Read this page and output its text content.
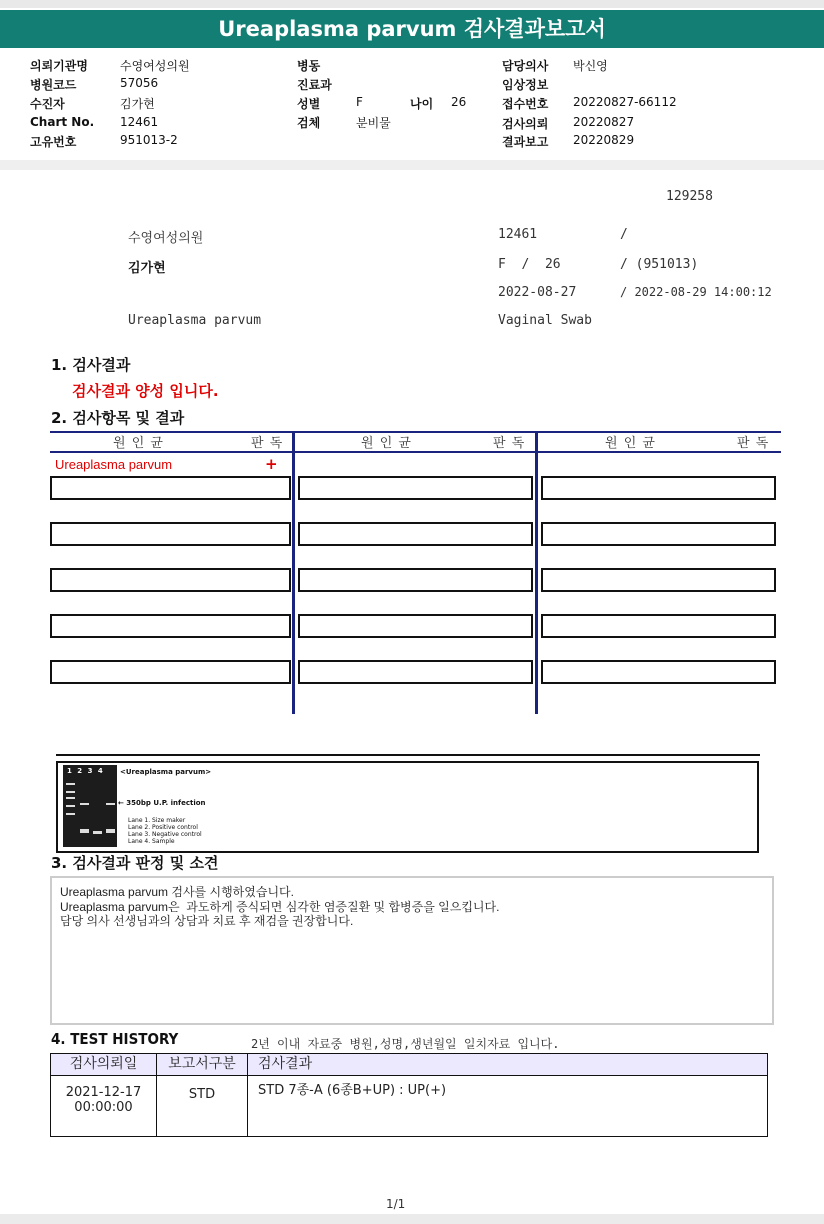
Ureaplasma parvum 검사결과보고서
의뢰기관명	수영여성의원
병원코드	57056
수진자	김가현
Chart No. 12461
고유번호	951013-2
병동
진료과
성별	F	나이 26
검체	분비물
담당의사 박신영
임상정보
접수번호 20220827-66112
검사의뢰 20220827
결과보고 20220829
129258
수영여성의원	12461	/
김가현	F  /  26	/ (951013)
2022-08-27	/ 2022-08-29 14:00:12
Ureaplasma parvum	Vaginal Swab
1. 검사결과
검사결과 양성 입니다.
2. 검사항목 및 결과
원 인 균	판 독	원 인 균	판 독	원 인 균	판 독
Ureaplasma parvum	+
1 2 3 4 <Ureaplasma parvum>
← 350bp U.P. infection
Lane 1. Size maker
Lane 2. Positive control
Lane 3. Negative control
Lane 4. Sample
3. 검사결과 판정 및 소견
Ureaplasma parvum 검사를 시행하였습니다.
Ureaplasma parvum은  과도하게 증식되면 심각한 염증질환 및 합병증을 일으킵니다.
담당 의사 선생님과의 상담과 치료 후 재검을 권장합니다.
4. TEST HISTORY	2년 이내 자료중 병원,성명,생년월일 일치자료 입니다.
검사의뢰일	보고서구분	검사결과
2021-12-17
00:00:00
STD	STD 7종-A (6종B+UP) : UP(+)
1/1
